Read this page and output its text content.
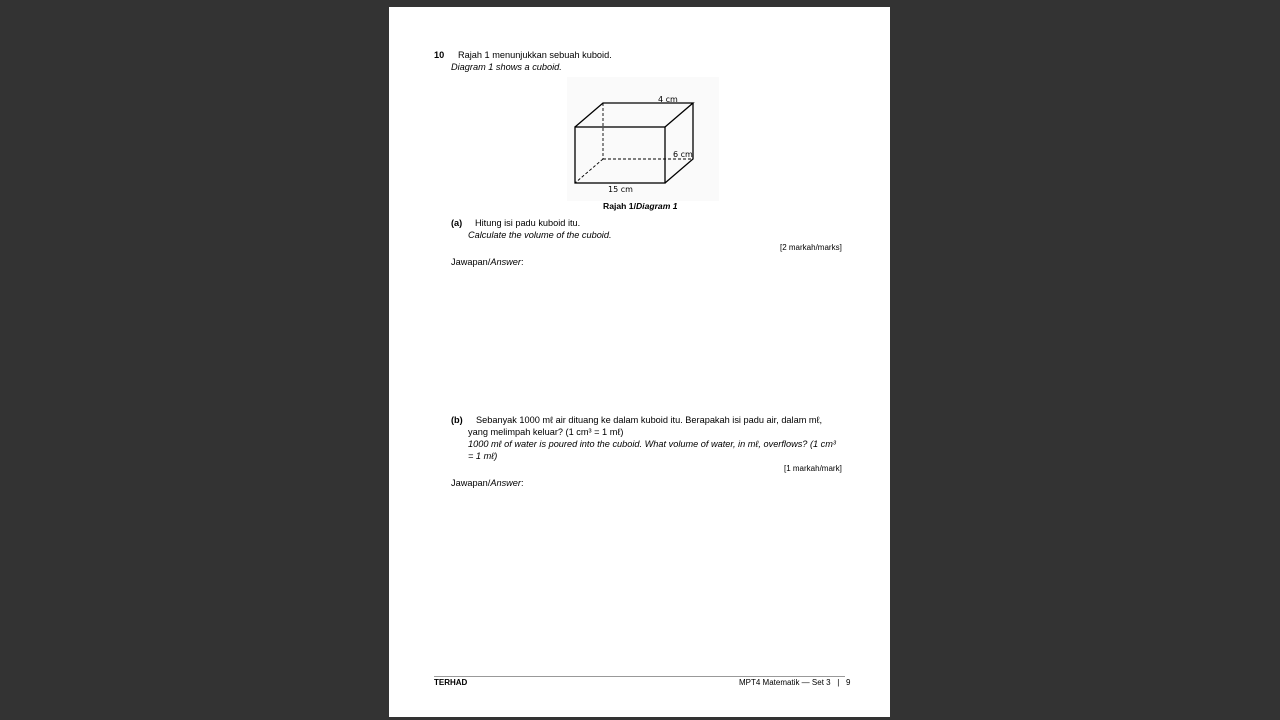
10 Rajah 1 menunjukkan sebuah kuboid.
Diagram 1 shows a cuboid.
4 cm
6 cm
15 cm
Rajah 1/Diagram 1
(a) Hitung isi padu kuboid itu.
Calculate the volume of the cuboid.
[2 markah/marks]
Jawapan/Answer:
(b) Sebanyak 1000 mℓ air dituang ke dalam kuboid itu. Berapakah isi padu air, dalam mℓ,
yang melimpah keluar? (1 cm³ = 1 mℓ)
1000 mℓ of water is poured into the cuboid. What volume of water, in mℓ, overflows? (1 cm³
= 1 mℓ)
[1 markah/mark]
Jawapan/Answer:
TERHAD	MPT4 Matematik — Set 3   |   9
